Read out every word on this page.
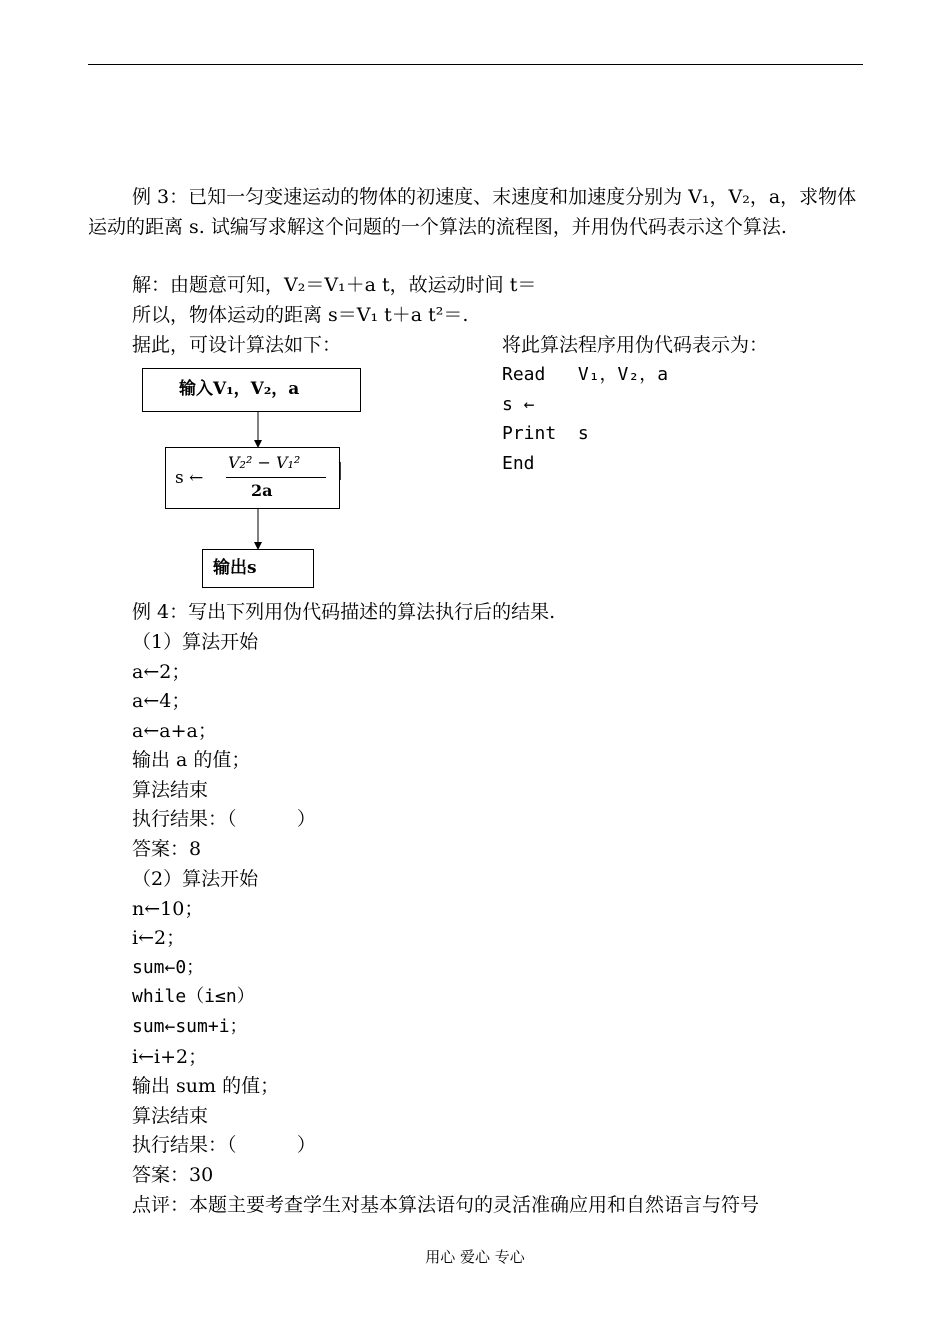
例 3：已知一匀变速运动的物体的初速度、末速度和加速度分别为 V₁，V₂，a，求物体运动的距离 s. 试编写求解这个问题的一个算法的流程图，并用伪代码表示这个算法.
解：由题意可知，V₂＝V₁＋a t，故运动时间 t＝
所以，物体运动的距离 s＝V₁ t＋a t²＝.
据此，可设计算法如下：	将此算法程序用伪代码表示为：
Read   V₁，V₂，a
s ←
Print  s
End
输入V₁，V₂，a
s ←
V₂² − V₁²
2a
输出s
例 4：写出下列用伪代码描述的算法执行后的结果.
（1）算法开始
a←2；
a←4；
a←a+a；
输出 a 的值；
算法结束
执行结果：（          ）
答案：8
（2）算法开始
n←10；
i←2；
sum←0；
while（i≤n）
sum←sum+i；
i←i+2；
输出 sum 的值；
算法结束
执行结果：（          ）
答案：30
点评：本题主要考查学生对基本算法语句的灵活准确应用和自然语言与符号
用心 爱心 专心
